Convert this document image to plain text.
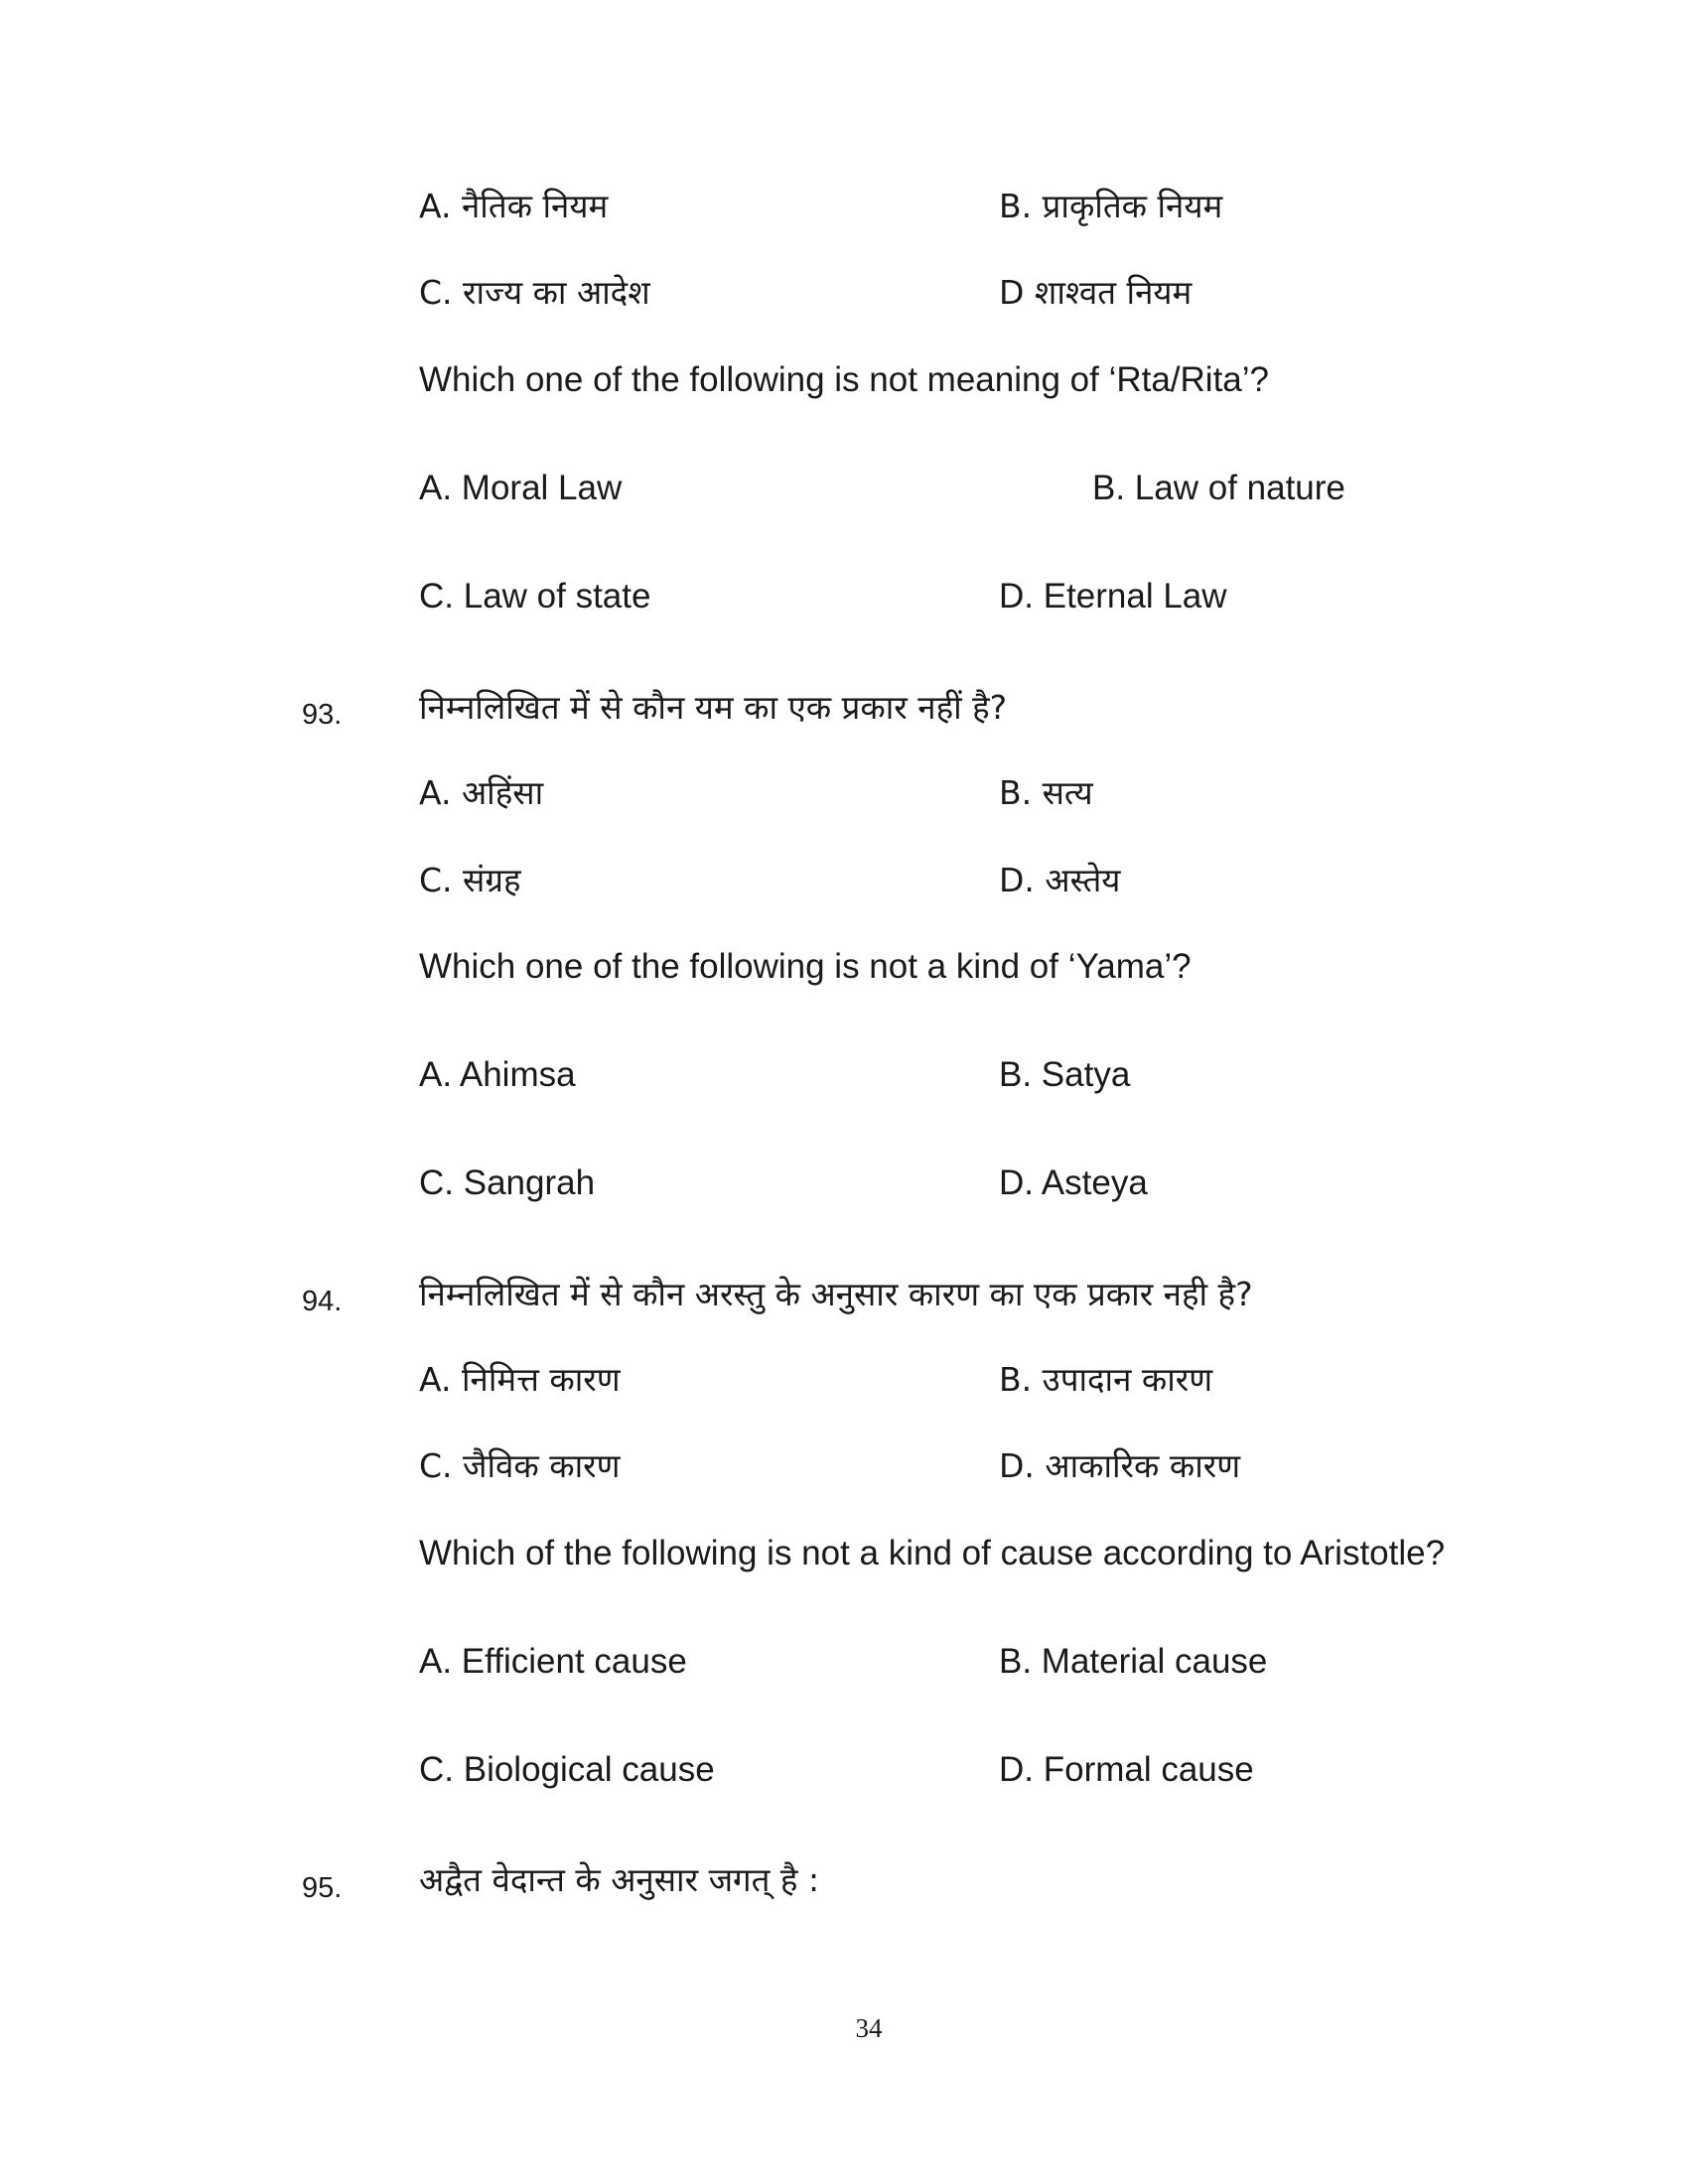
A. नैतिक नियम	B. प्राकृतिक नियम
C. राज्य का आदेश	D शाश्वत नियम
Which one of the following is not meaning of ‘Rta/Rita’?
A. Moral Law	B. Law of nature
C. Law of state	D. Eternal Law
93. निम्नलिखित में से कौन यम का एक प्रकार नहीं है?
A. अहिंसा	B. सत्य
C. संग्रह	D. अस्तेय
Which one of the following is not a kind of ‘Yama’?
A. Ahimsa	B. Satya
C. Sangrah	D. Asteya
94. निम्नलिखित में से कौन अरस्तु के अनुसार कारण का एक प्रकार नही है?
A. निमित्त कारण	B. उपादान कारण
C. जैविक कारण	D. आकारिक कारण
Which of the following is not a kind of cause according to Aristotle?
A. Efficient cause	B. Material cause
C. Biological cause	D. Formal cause
95. अद्वैत वेदान्त के अनुसार जगत् है :
34
